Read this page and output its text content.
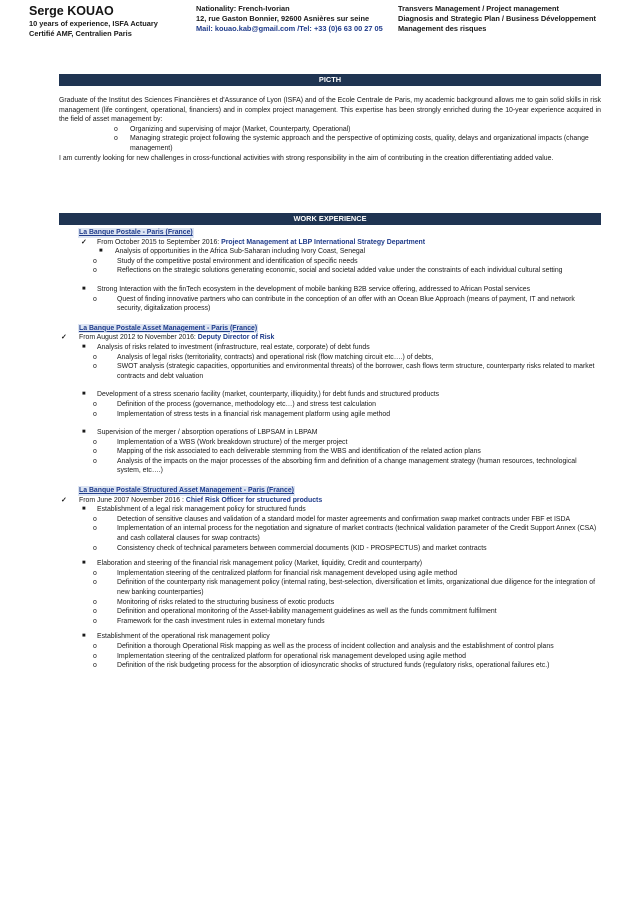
Serge KOUAO
10 years of experience, ISFA Actuary
Certifié AMF, Centralien Paris
Nationality: French-Ivorian
12, rue Gaston Bonnier, 92600 Asnières sur seine
Mail: kouao.kab@gmail.com /Tel: +33 (0)6 63 00 27 05
Transvers Management / Project management
Diagnosis and Strategic Plan / Business Développement
Management des risques
PICTH

Graduate of the Institut des Sciences Financières et d'Assurance of Lyon (ISFA) and of the Ecole Centrale de Paris, my academic background allows me to gain solid skills in risk management (life contingent, operational, financiers) and in complex project management. This expertise has been strongly enriched during the 10-year experience acquired in the field of asset management by:

o Organizing and supervising of major (Market, Counterparty, Operational)
o Managing strategic project following the systemic approach and the perspective of optimizing costs, quality, delays and organizational impacts (change management)

I am currently looking for new challenges in cross-functional activities with strong responsibility in the aim of contributing in the creation differentiating added value.

WORK EXPERIENCE
La Banque Postale - Paris (France)
✓ From October 2015 to September 2016: Project Management at LBP International Strategy Department
■ Analysis of opportunities in the Africa Sub-Saharan including Ivory Coast, Senegal
o	Study of the competitive postal environment and identification of specific needs
o	Reflections on the strategic solutions generating economic, social and societal added value under the constraints of each individual cultural setting
■ Strong Interaction with the finTech ecosystem in the development of mobile banking B2B service offering, addressed to African Postal services
o	Quest of finding innovative partners who can contribute in the conception of an offer with an Ocean Blue Approach (means of payment, IT and network security, digitalization process)
La Banque Postale Asset Management - Paris (France)
✓ From August 2012 to November 2016: Deputy Director of Risk
■ Analysis of risks related to investment (infrastructure, real estate, corporate) of debt funds
o	Analysis of legal risks (territoriality, contracts) and operational risk (flow matching circuit etc….) of debts,
o	SWOT analysis (strategic capacities, opportunities and environmental threats) of the borrower, cash flows term structure, counterparty risks related to market contracts and debt valuation
■ Development of a stress scenario facility (market, counterparty, illiquidity,) for debt funds and structured products
o	Definition of the process (governance, methodology etc…) and stress test calculation
o	Implementation of stress tests in a financial risk management platform using agile method
■ Supervision of the merger / absorption operations of LBPSAM in LBPAM
o	Implementation of a WBS (Work breakdown structure) of the merger project
o	Mapping of the risk associated to each deliverable stemming from the WBS and identification of the related action plans
o	Analysis of the impacts on the major processes of the absorbing firm and definition of a change management strategy (human resources, technological system, etc….)
La Banque Postale Structured Asset Management - Paris (France)
✓ From June 2007 November 2016 : Chief Risk Officer for structured products
■ Establishment of a legal risk management policy for structured funds
o	Detection of sensitive clauses and validation of a standard model for master agreements and confirmation swap market contracts under FBF et ISDA
o	Implementation of an internal process for the negotiation and signature of market contracts (technical validation parameter of the Credit Support Annex (CSA) and cash collateral clauses for swap contracts)
o	Consistency check of technical parameters between commercial documents (KID - PROSPECTUS) and market contracts
■ Elaboration and steering of the financial risk management policy (Market, liquidity, Credit and counterparty)
o	Implementation steering of the centralized platform for financial risk management developed using agile method
o	Definition of the counterparty risk management policy (internal rating, best-selection, diversification et limits, organizational due diligence for the integration of new banking counterparties)
o	Monitoring of risks related to the structuring business of exotic products
o	Definition and operational monitoring of the Asset-liability management guidelines as well as the funds commitment fulfilment
o	Framework for the cash investment rules in external monetary funds
■ Establishment of the operational risk management policy
o	Definition a thorough Operational Risk mapping as well as the process of incident collection and analysis and the establishment of control plans
o	Implementation steering of the centralized platform for operational risk management developed using agile method
o	Definition of the risk budgeting process for the absorption of idiosyncratic shocks of structured funds (regulatory risks, operational failures etc.)
